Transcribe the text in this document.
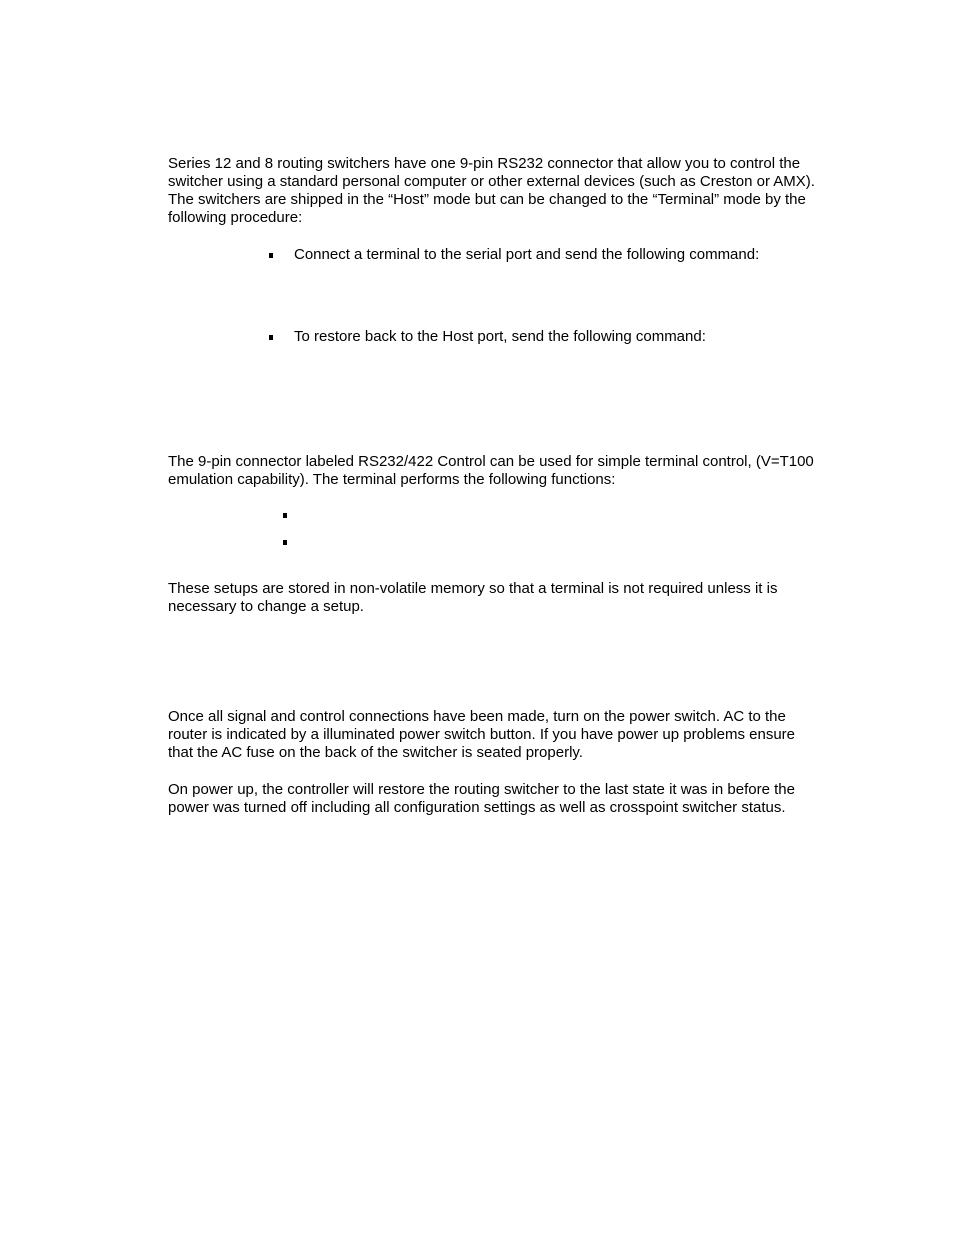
Series 12 and 8 routing switchers have one 9-pin RS232 connector that allow you to control the
switcher using a standard personal computer or other external devices (such as Creston or AMX).
The switchers are shipped in the “Host” mode but can be changed to the “Terminal” mode by the
following procedure:

Connect a terminal to the serial port and send the following command:

To restore back to the Host port, send the following command:

The 9-pin connector labeled RS232/422 Control can be used for simple terminal control, (V=T100
emulation capability). The terminal performs the following functions:

These setups are stored in non-volatile memory so that a terminal is not required unless it is
necessary to change a setup.

Once all signal and control connections have been made, turn on the power switch. AC to the
router is indicated by a illuminated power switch button. If you have power up problems ensure
that the AC fuse on the back of the switcher is seated properly.

On power up, the controller will restore the routing switcher to the last state it was in before the
power was turned off including all configuration settings as well as crosspoint switcher status.
